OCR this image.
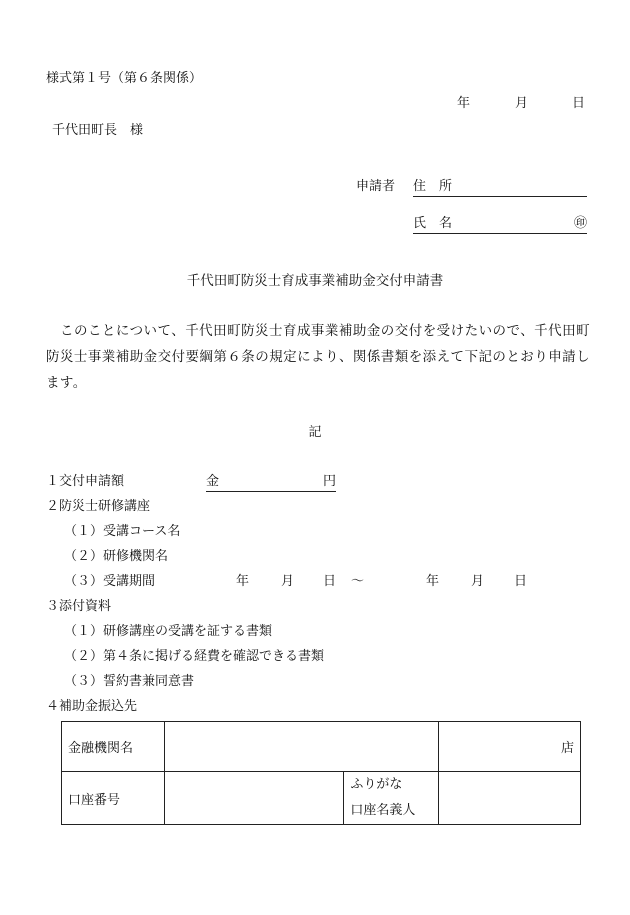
様式第１号（第６条関係）
年	月	日
千代田町長　様
申請者 住　所
氏　名	㊞
千代田町防災士育成事業補助金交付申請書
このことについて、千代田町防災士育成事業補助金の交付を受けたいので、千代田町防災士事業補助金交付要綱第６条の規定により、関係書類を添えて下記のとおり申請します。
記
１交付申請額	金	円
２防災士研修講座
（１）受講コース名
（２）研修機関名
（３）受講期間	年 月 日 ～	年 月 日
３添付資料
（１）研修講座の受講を証する書類
（２）第４条に掲げる経費を確認できる書類
（３）誓約書兼同意書
４補助金振込先
金融機関名			店
口座番号		ふりがな
口座名義人	
